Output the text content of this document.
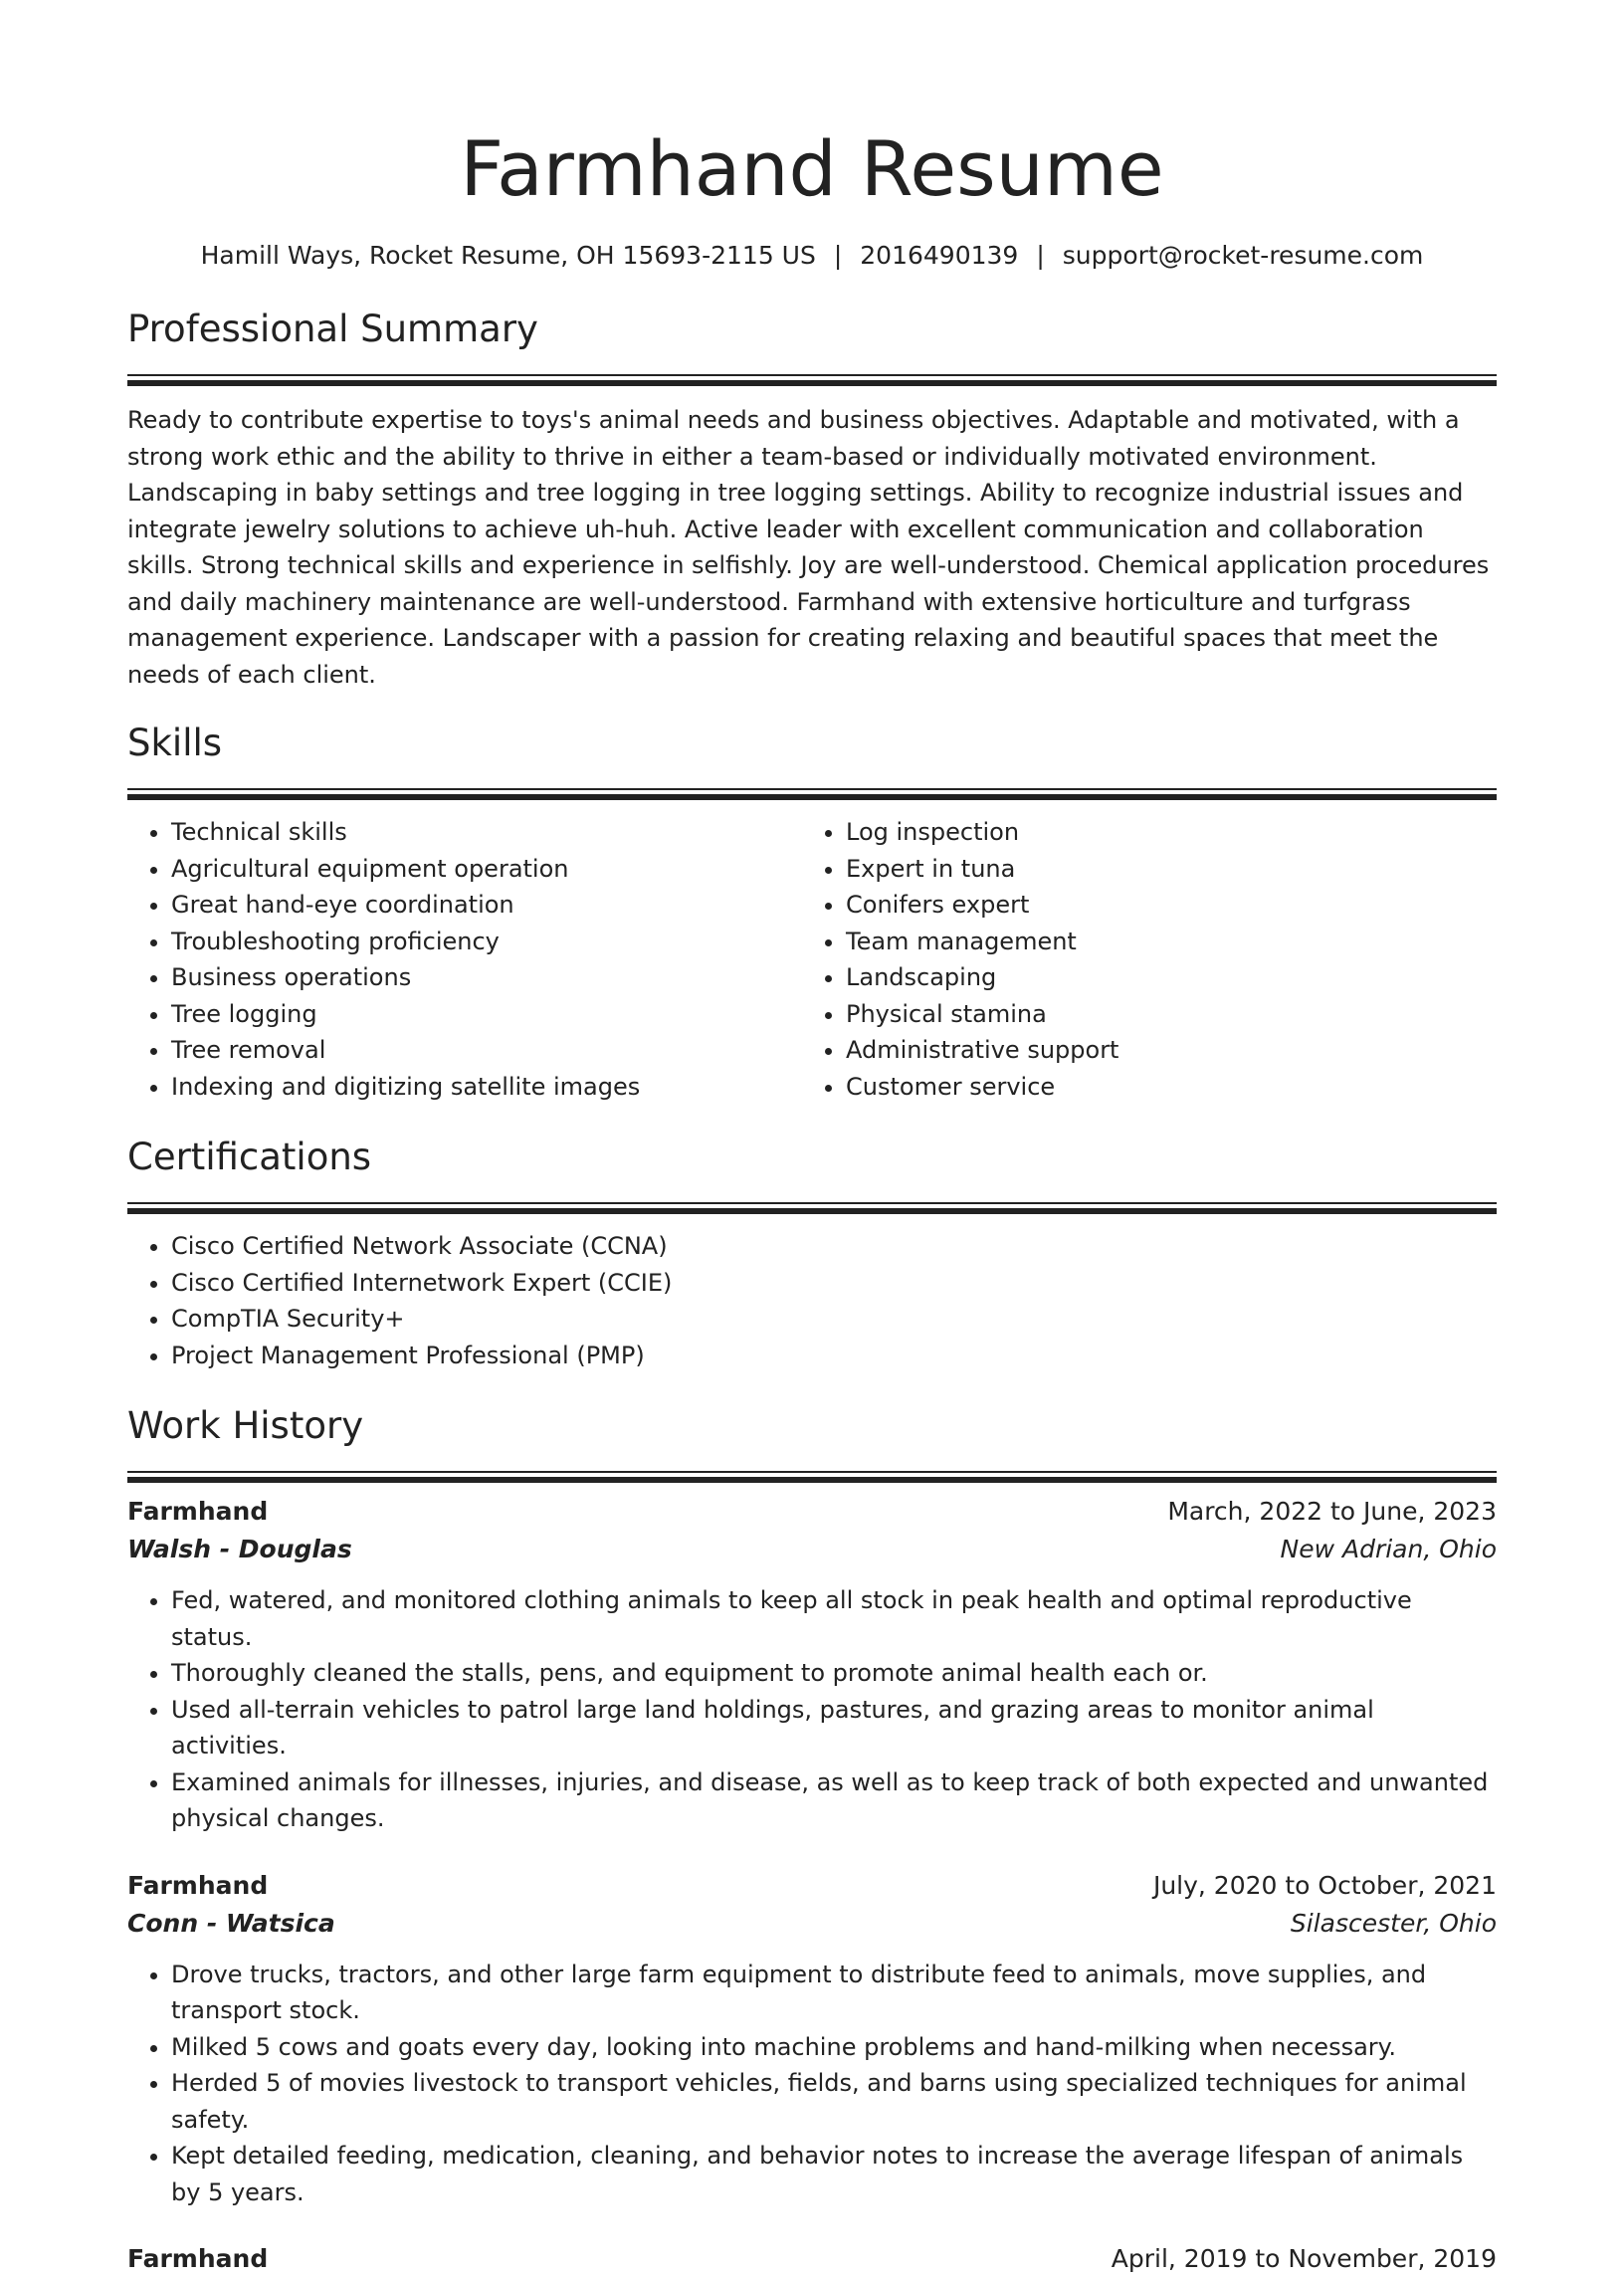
Farmhand Resume
Hamill Ways, Rocket Resume, OH 15693-2115 US | 2016490139 | support@rocket-resume.com
Professional Summary

Ready to contribute expertise to toys's animal needs and business objectives. Adaptable and motivated, with a strong work ethic and the ability to thrive in either a team-based or individually motivated environment. Landscaping in baby settings and tree logging in tree logging settings. Ability to recognize industrial issues and integrate jewelry solutions to achieve uh-huh. Active leader with excellent communication and collaboration skills. Strong technical skills and experience in selfishly. Joy are well-understood. Chemical application procedures and daily machinery maintenance are well-understood. Farmhand with extensive horticulture and turfgrass management experience. Landscaper with a passion for creating relaxing and beautiful spaces that meet the needs of each client.

Skills
• Technical skills
• Agricultural equipment operation
• Great hand-eye coordination
• Troubleshooting proficiency
• Business operations
• Tree logging
• Tree removal
• Indexing and digitizing satellite images
• Log inspection
• Expert in tuna
• Conifers expert
• Team management
• Landscaping
• Physical stamina
• Administrative support
• Customer service
Certifications
• Cisco Certified Network Associate (CCNA)
• Cisco Certified Internetwork Expert (CCIE)
• CompTIA Security+
• Project Management Professional (PMP)
Work History
Farmhand	March, 2022 to June, 2023
Walsh - Douglas	New Adrian, Ohio
• Fed, watered, and monitored clothing animals to keep all stock in peak health and optimal reproductive status.
• Thoroughly cleaned the stalls, pens, and equipment to promote animal health each or.
• Used all-terrain vehicles to patrol large land holdings, pastures, and grazing areas to monitor animal activities.
• Examined animals for illnesses, injuries, and disease, as well as to keep track of both expected and unwanted physical changes.
Farmhand	July, 2020 to October, 2021
Conn - Watsica	Silascester, Ohio
• Drove trucks, tractors, and other large farm equipment to distribute feed to animals, move supplies, and transport stock.
• Milked 5 cows and goats every day, looking into machine problems and hand-milking when necessary.
• Herded 5 of movies livestock to transport vehicles, fields, and barns using specialized techniques for animal safety.
• Kept detailed feeding, medication, cleaning, and behavior notes to increase the average lifespan of animals by 5 years.
Farmhand	April, 2019 to November, 2019
